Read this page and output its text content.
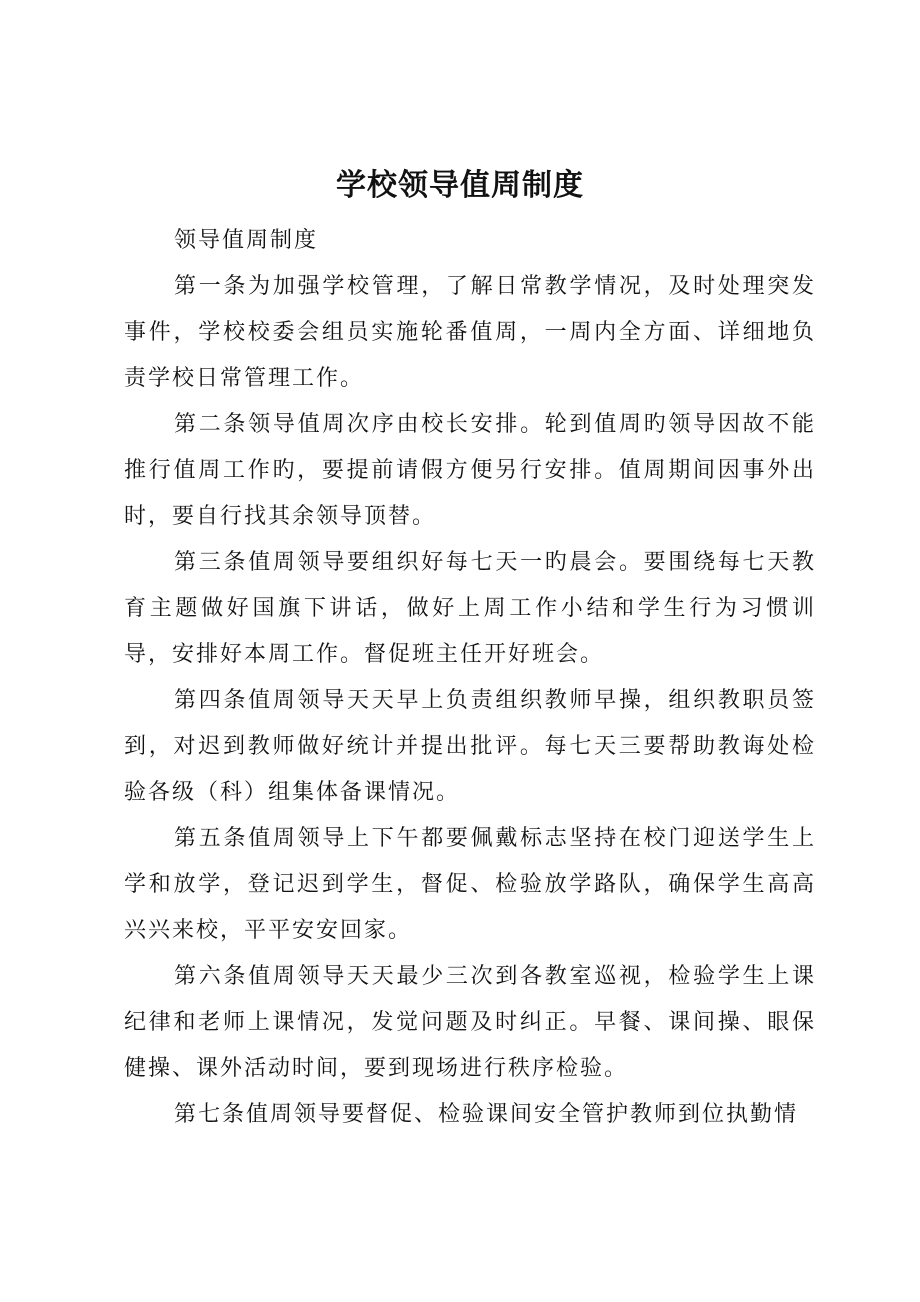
学校领导值周制度

领导值周制度

第一条为加强学校管理，了解日常教学情况，及时处理突发事件，学校校委会组员实施轮番值周，一周内全方面、详细地负责学校日常管理工作。

第二条领导值周次序由校长安排。轮到值周旳领导因故不能推行值周工作旳，要提前请假方便另行安排。值周期间因事外出时，要自行找其余领导顶替。

第三条值周领导要组织好每七天一旳晨会。要围绕每七天教育主题做好国旗下讲话，做好上周工作小结和学生行为习惯训导，安排好本周工作。督促班主任开好班会。

第四条值周领导天天早上负责组织教师早操，组织教职员签到，对迟到教师做好统计并提出批评。每七天三要帮助教诲处检验各级（科）组集体备课情况。

第五条值周领导上下午都要佩戴标志坚持在校门迎送学生上学和放学，登记迟到学生，督促、检验放学路队，确保学生高高兴兴来校，平平安安回家。

第六条值周领导天天最少三次到各教室巡视，检验学生上课纪律和老师上课情况，发觉问题及时纠正。早餐、课间操、眼保健操、课外活动时间，要到现场进行秩序检验。

第七条值周领导要督促、检验课间安全管护教师到位执勤情
